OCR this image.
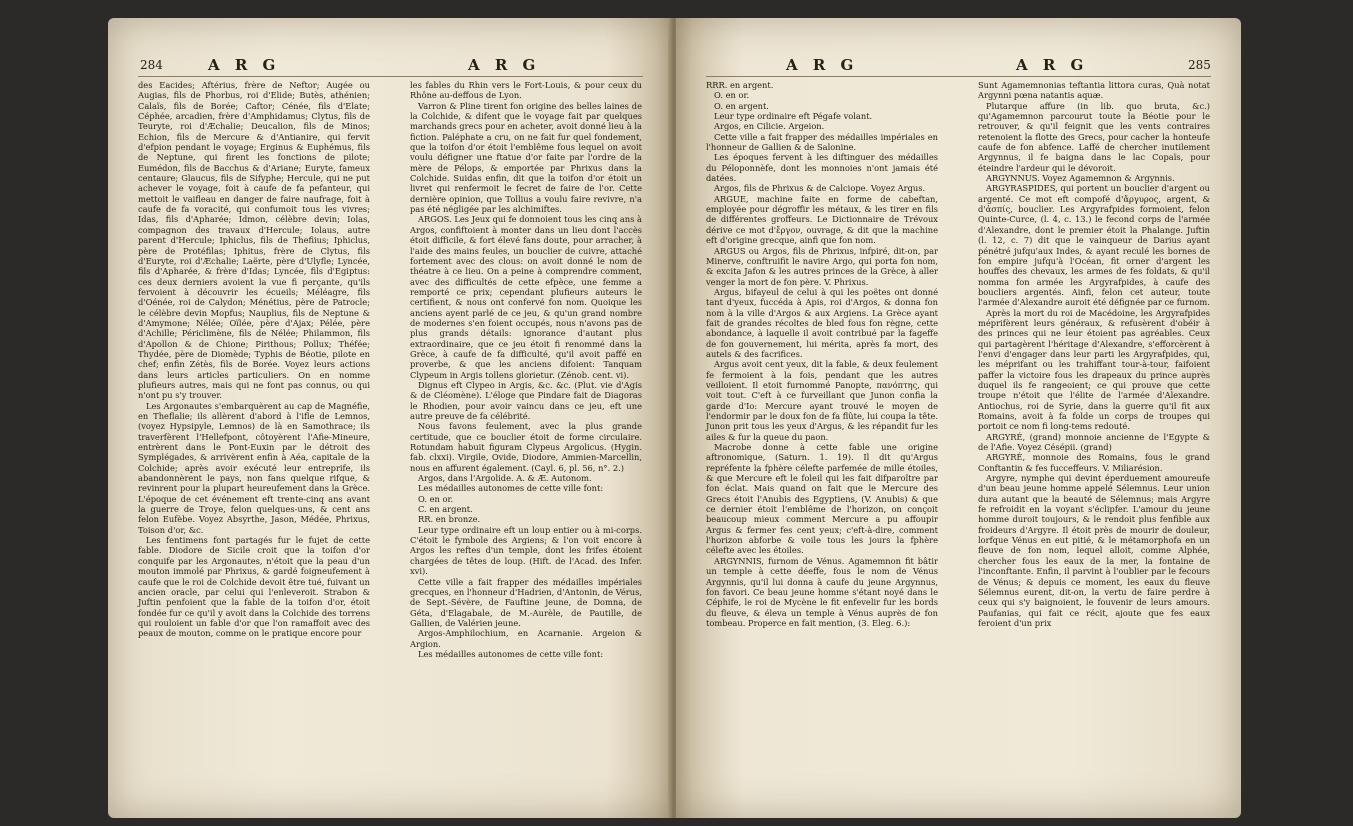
284	A R G	A R G

des Eacides; Aftérius, frère de Neftor; Augée ou Augias, fils de Phorbus, roi d'Elide; Butès, athénien; Calaïs, fils de Borée; Caftor; Cénée, fils d'Elate; Céphée, arcadien, frère d'Amphidamus; Clytus, fils de Teuryte, roi d'Æchalie; Deucalion, fils de Minos; Echion, fils de Mercure & d'Antianire, qui fervit d'efpion pendant le voyage; Erginus & Euphémus, fils de Neptune, qui firent les fonctions de pilote; Eumédon, fils de Bacchus & d'Ariane; Euryte, fameux centaure; Glaucus, fils de Sifyphe; Hercule, qui ne put achever le voyage, foit à caufe de fa pefanteur, qui mettoit le vaifleau en danger de faire naufrage, foit à caufe de fa voracité, qui confumoit tous les vivres; Idas, fils d'Apharée; Idmon, célèbre devin; Iolas, compagnon des travaux d'Hercule; Iolaus, autre parent d'Hercule; Iphiclus, fils de Thefiius; Iphiclus, père de Protéfilas; Iphitus, frère de Clytus, fils d'Euryte, roi d'Æchalie; Laërte, père d'Ulyfle; Lyncée, fils d'Apharée, & frère d'Idas; Lyncée, fils d'Egiptus: ces deux derniers avoient la vue fi perçante, qu'ils fervoient à découvrir les écueils; Méléagre, fils d'Oénée, roi de Calydon; Ménétius, père de Patrocle; le célèbre devin Mopfus; Nauplius, fils de Neptune & d'Amymone; Nélée; Oïlée, père d'Ajax; Pélée, père d'Achille; Périclimène, fils de Nélée; Philammon, fils d'Apollon & de Chione; Pirithous; Pollux; Théfée; Thydée, père de Diomède; Typhis de Béotie, pilote en chef; enfin Zétès, fils de Borée. Voyez leurs actions dans leurs articles particuliers. On en nomme plufieurs autres, mais qui ne font pas connus, ou qui n'ont pu s'y trouver.

Les Argonautes s'embarquèrent au cap de Magnéfie, en Theflalie; ils allèrent d'abord à l'ifle de Lemnos, (voyez Hypsipyle, Lemnos) de là en Samothrace; ils traverfèrent l'Hellefpont, côtoyèrent l'Afie-Mineure, entrèrent dans le Pont-Euxin par le détroit des Symplégades, & arrivèrent enfin à Aéa, capitale de la Colchide; après avoir exécuté leur entreprife, ils abandonnèrent le pays, non fans quelque rifque, & revinrent pour la plupart heureufement dans la Grèce. L'époque de cet événement eft trente-cinq ans avant la guerre de Troye, felon quelques-uns, & cent ans felon Eufèbe. Voyez Absyrthe, Jason, Médée, Phrixus, Toison d'or, &c.

Les fentimens font partagés fur le fujet de cette fable. Diodore de Sicile croit que la toifon d'or conquife par les Argonautes, n'étoit que la peau d'un mouton immolé par Phrixus, & gardé foigneufement à caufe que le roi de Colchide devoit être tué, fuivant un ancien oracle, par celui qui l'enleveroit. Strabon & Juftin penfoient que la fable de la toifon d'or, étoit fondée fur ce qu'il y avoit dans la Colchide des torrens qui rouloient un fable d'or que l'on ramaffoit avec des peaux de mouton, comme on le pratique encore pour

les fables du Rhin vers le Fort-Louis, & pour ceux du Rhône au-deffous de Lyon.

Varron & Pline tirent fon origine des belles laines de la Colchide, & difent que le voyage fait par quelques marchands grecs pour en acheter, avoit donné lieu à la fiction. Paléphate a cru, on ne fait fur quel fondement, que la toifon d'or étoit l'emblême fous lequel on avoit voulu défigner une ftatue d'or faite par l'ordre de la mère de Pélops, & emportée par Phrixus dans la Colchide. Suidas enfin, dit que la toifon d'or étoit un livret qui renfermoit le fecret de faire de l'or. Cette dernière opinion, que Tollius a voulu faire revivre, n'a pas été négligée par les alchimiftes.

ARGOS. Les Jeux qui fe donnoient tous les cinq ans à Argos, confiftoient à monter dans un lieu dont l'accès étoit difficile, & fort élevé fans doute, pour arracher, à l'aide des mains feules, un bouclier de cuivre, attaché fortement avec des clous: on avoit donné le nom de théatre à ce lieu. On a peine à comprendre comment, avec des difficultés de cette efpèce, une femme a remporté ce prix; cependant plufieurs auteurs le certifient, & nous ont confervé fon nom. Quoique les anciens ayent parlé de ce jeu, & qu'un grand nombre de modernes s'en foient occupés, nous n'avons pas de plus grands détails: ignorance d'autant plus extraordinaire, que ce jeu étoit fi renommé dans la Grèce, à caufe de fa difficulté, qu'il avoit paffé en proverbe, & que les anciens difoient: Tanquam Clypeum in Argis tollens glorietur. (Zénob. cent. vi).

Dignus eft Clypeo in Argis, &c. &c. (Plut. vie d'Agis & de Cléomène). L'éloge que Pindare fait de Diagoras le Rhodien, pour avoir vaincu dans ce jeu, eft une autre preuve de fa célébrité.

Nous favons feulement, avec la plus grande certitude, que ce bouclier étoit de forme circulaire. Rotundam habuit figuram Clypeus Argolicus. (Hygin. fab. clxxi). Virgile, Ovide, Diodore, Ammien-Marcellin, nous en affurent également. (Cayl. 6, pl. 56, n°. 2.)

Argos, dans l'Argolide. A. & Æ. Autonom.

Les médailles autonomes de cette ville font:

O. en or.

C. en argent.

RR. en bronze.

Leur type ordinaire eft un loup entier ou à mi-corps. C'étoit le fymbole des Argiens; & l'on voit encore à Argos les reftes d'un temple, dont les frifes étoient chargées de têtes de loup. (Hift. de l'Acad. des Infer. xvi).

Cette ville a fait frapper des médailles impériales grecques, en l'honneur d'Hadrien, d'Antonin, de Vérus, de Sept.-Sévère, de Fauftine jeune, de Domna, de Géta, d'Elagabale, de M.-Aurèle, de Pautille, de Gallien, de Valérien jeune.

Argos-Amphilochium, en Acarnanie. Argeion & Argion.

Les médailles autonomes de cette ville font:

A R G	A R G	285

RRR. en argent.

O. en or.

O. en argent.

Leur type ordinaire eft Pégafe volant.

Argos, en Cilicie. Argeion.

Cette ville a fait frapper des médailles impériales en l'honneur de Gallien & de Salonine.

Les époques fervent à les diftinguer des médailles du Péloponnèfe, dont les monnoies n'ont jamais été datées.

Argos, fils de Phrixus & de Calciope. Voyez Argus.

ARGUE, machine faite en forme de cabeftan, employée pour dégroffir les métaux, & les tirer en fils de différentes groffeurs. Le Dictionnaire de Trévoux dérive ce mot d'ἔργον, ouvrage, & dit que la machine eft d'origine grecque, ainfi que fon nom.

ARGUS ou Argos, fils de Phrixus, infpiré, dit-on, par Minerve, conftruifit le navire Argo, qui porta fon nom, & excita Jafon & les autres princes de la Grèce, à aller venger la mort de fon père. V. Phrixus.

Argus, bifayeul de celui à qui les poëtes ont donné tant d'yeux, fuccéda à Apis, roi d'Argos, & donna fon nom à la ville d'Argos & aux Argiens. La Grèce ayant fait de grandes récoltes de bled fous fon règne, cette abondance, à laquelle il avoit contribué par la fageffe de fon gouvernement, lui mérita, après fa mort, des autels & des facrifices.

Argus avoit cent yeux, dit la fable, & deux feulement fe fermoient à la fois, pendant que les autres veilloient. Il etoit furnommé Panopte, πανόπτης, qui voit tout. C'eft à ce furveillant que Junon confia la garde d'Io: Mercure ayant trouvé le moyen de l'endormir par le doux fon de fa flûte, lui coupa la tête. Junon prit tous les yeux d'Argus, & les répandit fur les ailes & fur la queue du paon.

Macrobe donne à cette fable une origine aftronomique, (Saturn. 1. 19). Il dit qu'Argus repréfente la fphère célefte parfemée de mille étoiles, & que Mercure eft le foleil qui les fait difparoître par fon éclat. Mais quand on fait que le Mercure des Grecs étoit l'Anubis des Egyptiens, (V. Anubis) & que ce dernier étoit l'emblême de l'horizon, on conçoit beaucoup mieux comment Mercure a pu affoupir Argus & fermer fes cent yeux; c'eft-à-dire, comment l'horizon abforbe & voile tous les jours la fphère célefte avec les étoiles.

ARGYNNIS, furnom de Vénus. Agamemnon fit bâtir un temple à cette déeffe, fous le nom de Vénus Argynnis, qu'il lui donna à caufe du jeune Argynnus, fon favori. Ce beau jeune homme s'étant noyé dans le Céphife, le roi de Mycène le fit enfevelir fur les bords du fleuve, & éleva un temple à Vénus auprès de fon tombeau. Properce en fait mention, (3. Eleg. 6.):

Sunt Agamemnonias teftantia littora curas, Quà notat Argynni pœna natantis aquæ.

Plutarque affure (in lib. quo bruta, &c.) qu'Agamemnon parcourut toute la Béotie pour le retrouver, & qu'il feignit que les vents contraires retenoient la flotte des Grecs, pour cacher la honteufe caufe de fon abfence. Laffé de chercher inutilement Argynnus, il fe baigna dans le lac Copaïs, pour éteindre l'ardeur qui le dévoroit.

ARGYNNUS. Voyez Agamemnon & Argynnis.

ARGYRASPIDES, qui portent un bouclier d'argent ou argenté. Ce mot eft compofé d'ἄργυρος, argent, & d'ἀσπίς, bouclier. Les Argyrafpides formoient, felon Quinte-Curce, (l. 4, c. 13.) le fecond corps de l'armée d'Alexandre, dont le premier étoit la Phalange. Juftin (l. 12, c. 7) dit que le vainqueur de Darius ayant pénétré jufqu'aux Indes, & ayant reculé les bornes de fon empire jufqu'à l'Océan, fit orner d'argent les houffes des chevaux, les armes de fes foldats, & qu'il nomma fon armée les Argyrafpides, à caufe des boucliers argentés. Ainfi, felon cet auteur, toute l'armée d'Alexandre auroit été défignée par ce furnom.

Après la mort du roi de Macédoine, les Argyrafpides méprifèrent leurs généraux, & refusèrent d'obéir à des princes qui ne leur étoient pas agréables. Ceux qui partagèrent l'héritage d'Alexandre, s'efforcèrent à l'envi d'engager dans leur parti les Argyrafpides, qui, les méprifant ou les trahiffant tour-à-tour, faifoient paffer la victoire fous les drapeaux du prince auprès duquel ils fe rangeoient; ce qui prouve que cette troupe n'étoit que l'élite de l'armée d'Alexandre. Antiochus, roi de Syrie, dans la guerre qu'il fit aux Romains, avoit à fa folde un corps de troupes qui portoit ce nom fi long-tems redouté.

ARGYRÉ, (grand) monnoie ancienne de l'Egypte & de l'Afie. Voyez Césépii. (grand)

ARGYRÉ, monnoie des Romains, fous le grand Conftantin & fes fucceffeurs. V. Miliarésion.

Argyre, nymphe qui devint éperduement amoureufe d'un beau jeune homme appelé Sélemnus. Leur union dura autant que la beauté de Sélemnus; mais Argyre fe refroidit en la voyant s'éclipfer. L'amour du jeune homme duroit toujours, & le rendoit plus fenfible aux froideurs d'Argyre. Il étoit près de mourir de douleur, lorfque Vénus en eut pitié, & le métamorphofa en un fleuve de fon nom, lequel alloit, comme Alphée, chercher fous les eaux de la mer, la fontaine de l'inconftante. Enfin, il parvint à l'oublier par le fecours de Vénus; & depuis ce moment, les eaux du fleuve Sélemnus eurent, dit-on, la vertu de faire perdre à ceux qui s'y baignoient, le fouvenir de leurs amours. Paufanias, qui fait ce récit, ajoute que fes eaux feroient d'un prix
